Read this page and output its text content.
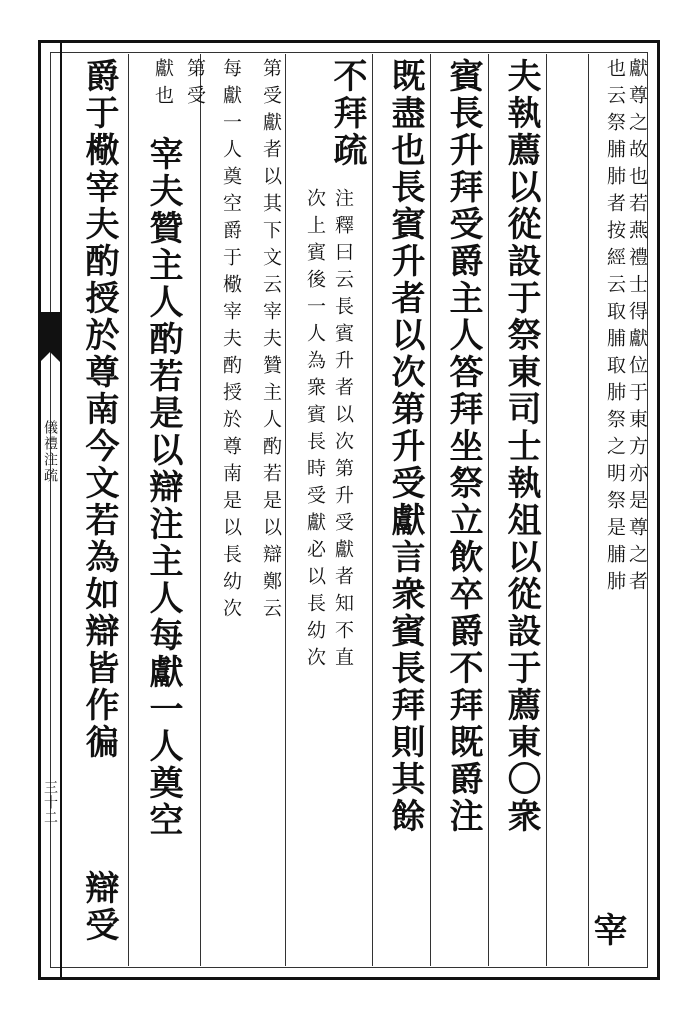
儀禮注疏
三十二
獻尊之故也若燕禮士得獻位于東方亦是尊之者
也云祭脯肺者按經云取脯取肺祭之明祭是脯肺
宰
夫執薦以從設于祭東司士執俎以從設于薦東〇衆
賓長升拜受爵主人答拜坐祭立飲卒爵不拜既爵注
既盡也長賓升者以次第升受獻言衆賓長拜則其餘
不拜疏
注釋曰云長賓升者以次第升受獻者知不直
次上賓後一人為衆賓長時受獻必以長幼次
第受獻者以其下文云宰夫贊主人酌若是以辯鄭云
每獻一人奠空爵于㯳宰夫酌授於尊南是以長幼次
第受
獻也
宰夫贊主人酌若是以辯注主人每獻一人奠空
爵于㯳宰夫酌授於尊南今文若為如辯皆作徧
辯受
